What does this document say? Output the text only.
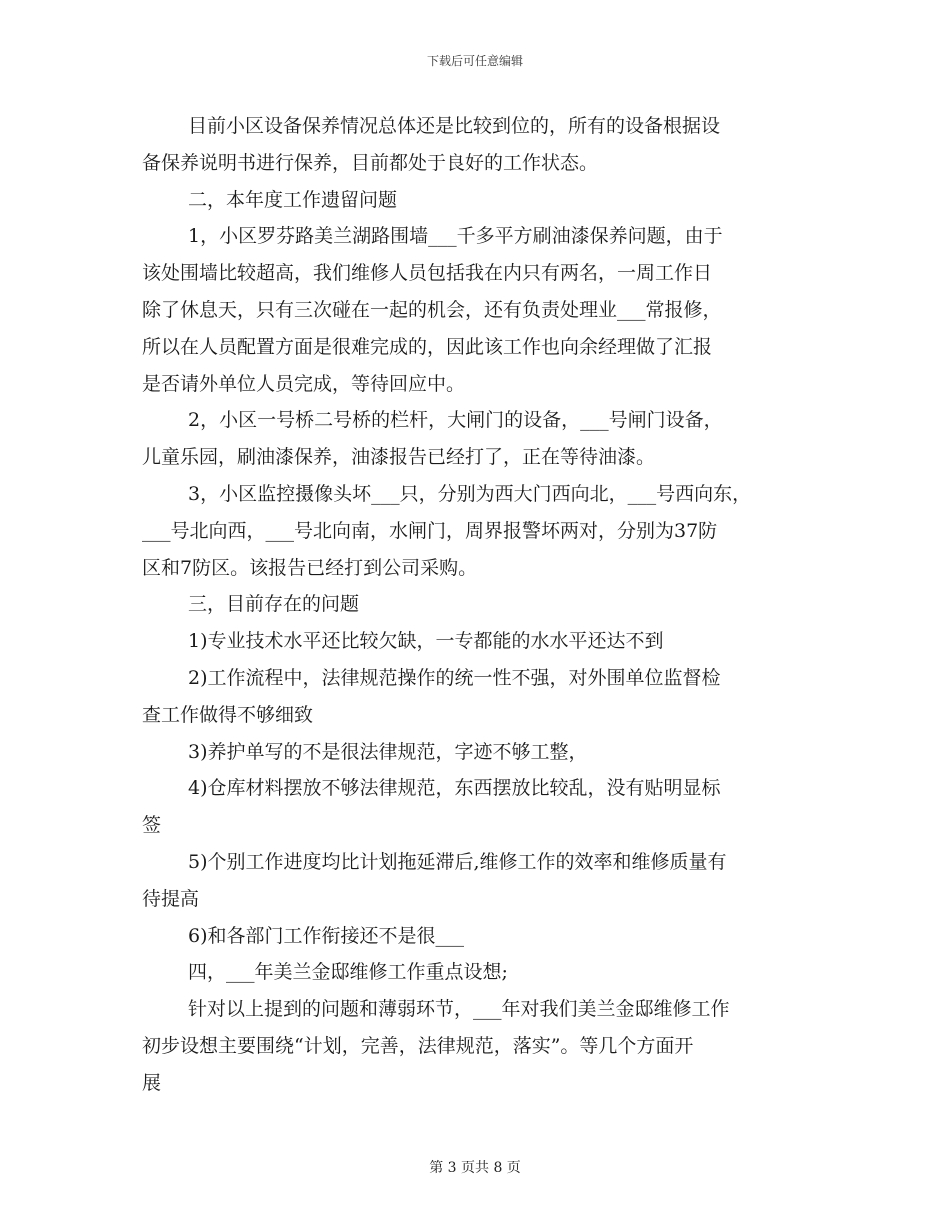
下载后可任意编辑
目前小区设备保养情况总体还是比较到位的，所有的设备根据设
备保养说明书进行保养，目前都处于良好的工作状态。
二，本年度工作遗留问题
1，小区罗芬路美兰湖路围墙___千多平方刷油漆保养问题，由于
该处围墙比较超高，我们维修人员包括我在内只有两名，一周工作日
除了休息天，只有三次碰在一起的机会，还有负责处理业___常报修，
所以在人员配置方面是很难完成的，因此该工作也向余经理做了汇报
是否请外单位人员完成，等待回应中。
2，小区一号桥二号桥的栏杆，大闸门的设备，___号闸门设备，
儿童乐园，刷油漆保养，油漆报告已经打了，正在等待油漆。
3，小区监控摄像头坏___只，分别为西大门西向北，___号西向东，
___号北向西，___号北向南，水闸门，周界报警坏两对，分别为37防
区和7防区。该报告已经打到公司采购。
三，目前存在的问题
1)专业技术水平还比较欠缺，一专都能的水水平还达不到
2)工作流程中，法律规范操作的统一性不强，对外围单位监督检
查工作做得不够细致
3)养护单写的不是很法律规范，字迹不够工整，
4)仓库材料摆放不够法律规范，东西摆放比较乱，没有贴明显标
签
5)个别工作进度均比计划拖延滞后,维修工作的效率和维修质量有
待提高
6)和各部门工作衔接还不是很___
四，___年美兰金邸维修工作重点设想;
针对以上提到的问题和薄弱环节，___年对我们美兰金邸维修工作
初步设想主要围绕“计划，完善，法律规范，落实”。等几个方面开
展
第 3 页共 8 页
